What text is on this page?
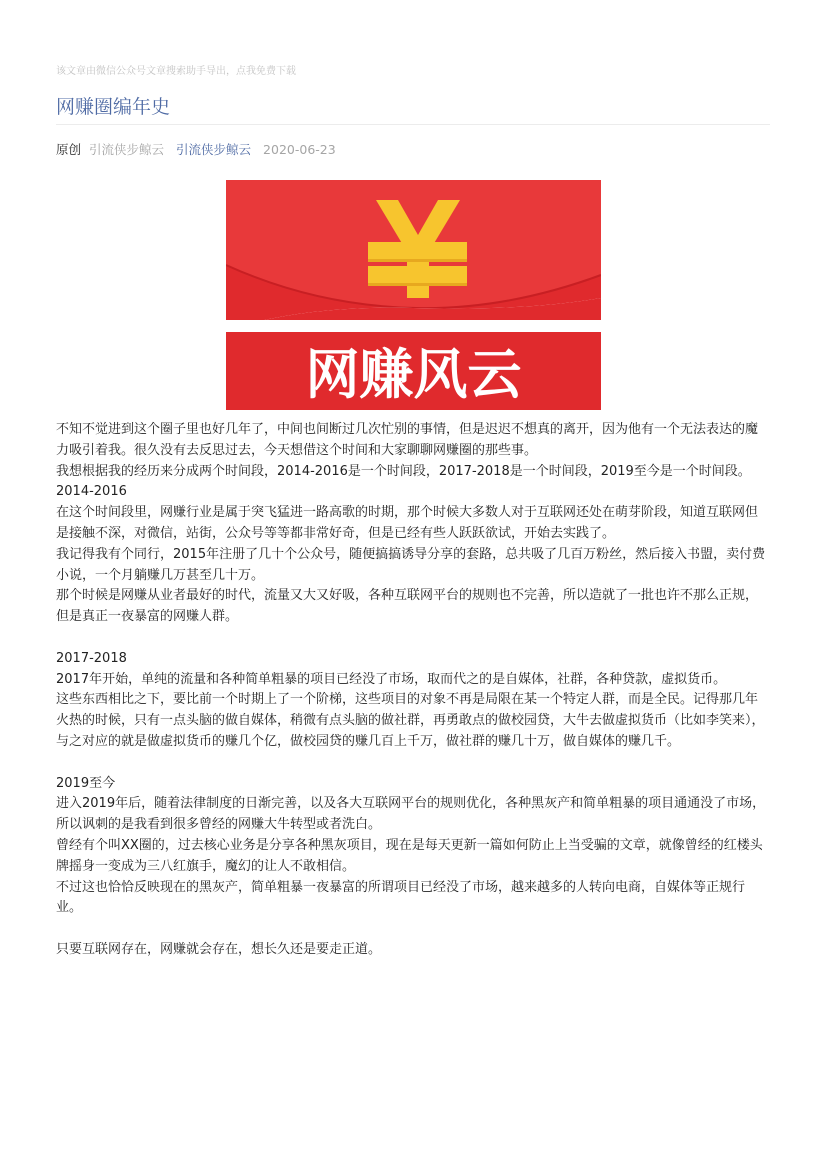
该文章由微信公众号文章搜索助手导出，点我免费下载
网赚圈编年史
原创 引流侠步鲸云 引流侠步鲸云 2020-06-23
网赚风云

不知不觉进到这个圈子里也好几年了，中间也间断过几次忙别的事情，但是迟迟不想真的离开，因为他有一个无法表达的魔力吸引着我。很久没有去反思过去，今天想借这个时间和大家聊聊网赚圈的那些事。

我想根据我的经历来分成两个时间段，2014-2016是一个时间段，2017-2018是一个时间段，2019至今是一个时间段。

2014-2016

在这个时间段里，网赚行业是属于突飞猛进一路高歌的时期，那个时候大多数人对于互联网还处在萌芽阶段，知道互联网但是接触不深，对微信，站街，公众号等等都非常好奇，但是已经有些人跃跃欲试，开始去实践了。

我记得我有个同行，2015年注册了几十个公众号，随便搞搞诱导分享的套路，总共吸了几百万粉丝，然后接入书盟，卖付费小说，一个月躺赚几万甚至几十万。

那个时候是网赚从业者最好的时代，流量又大又好吸，各种互联网平台的规则也不完善，所以造就了一批也许不那么正规，但是真正一夜暴富的网赚人群。

2017-2018

2017年开始，单纯的流量和各种简单粗暴的项目已经没了市场，取而代之的是自媒体，社群，各种贷款，虚拟货币。

这些东西相比之下，要比前一个时期上了一个阶梯，这些项目的对象不再是局限在某一个特定人群，而是全民。记得那几年火热的时候，只有一点头脑的做自媒体，稍微有点头脑的做社群，再勇敢点的做校园贷，大牛去做虚拟货币（比如李笑来），与之对应的就是做虚拟货币的赚几个亿，做校园贷的赚几百上千万，做社群的赚几十万，做自媒体的赚几千。

2019至今

进入2019年后，随着法律制度的日渐完善，以及各大互联网平台的规则优化，各种黑灰产和简单粗暴的项目通通没了市场，所以讽刺的是我看到很多曾经的网赚大牛转型或者洗白。

曾经有个叫XX圈的，过去核心业务是分享各种黑灰项目，现在是每天更新一篇如何防止上当受骗的文章，就像曾经的红楼头牌摇身一变成为三八红旗手，魔幻的让人不敢相信。

不过这也恰恰反映现在的黑灰产，简单粗暴一夜暴富的所谓项目已经没了市场，越来越多的人转向电商，自媒体等正规行业。

只要互联网存在，网赚就会存在，想长久还是要走正道。
